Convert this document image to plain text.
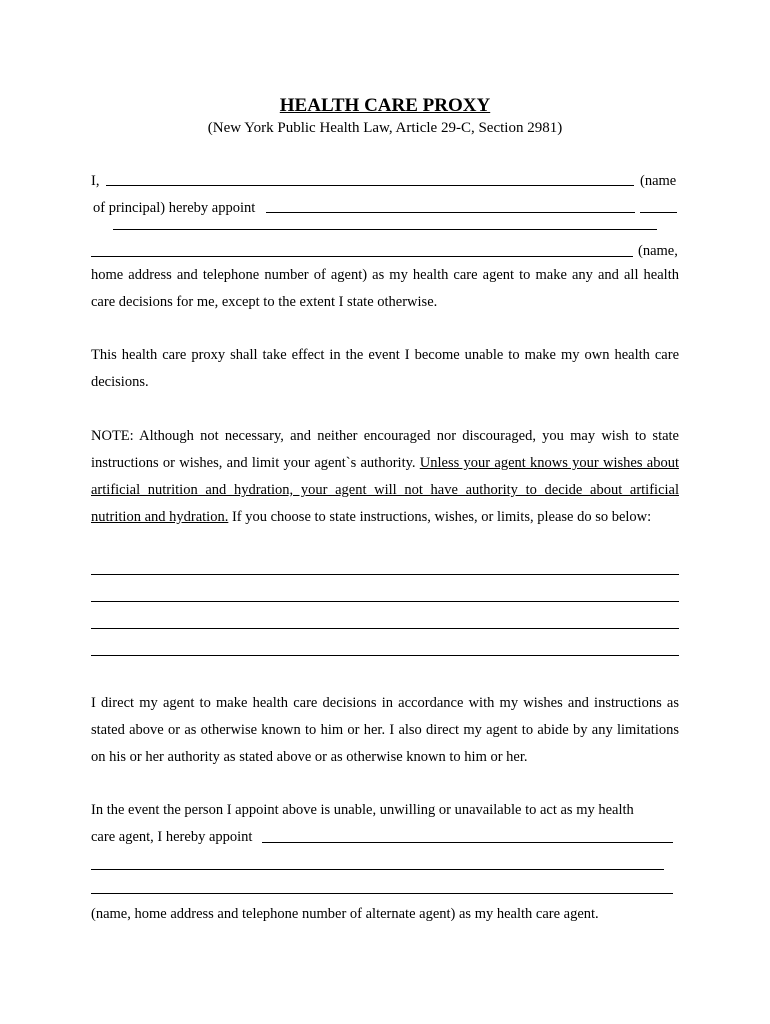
HEALTH CARE PROXY
(New York Public Health Law, Article 29-C, Section 2981)
I,	(name
of principal) hereby appoint
(name,
home address and telephone number of agent) as my health care agent to make any and all health care decisions for me, except to the extent I state otherwise.
This health care proxy shall take effect in the event I become unable to make my own health care decisions.
NOTE: Although not necessary, and neither encouraged nor discouraged, you may wish to state instructions or wishes, and limit your agent`s authority. Unless your agent knows your wishes about artificial nutrition and hydration, your agent will not have authority to decide about artificial nutrition and hydration. If you choose to state instructions, wishes, or limits, please do so below:
I direct my agent to make health care decisions in accordance with my wishes and instructions as stated above or as otherwise known to him or her. I also direct my agent to abide by any limitations on his or her authority as stated above or as otherwise known to him or her.
In the event the person I appoint above is unable, unwilling or unavailable to act as my health
care agent, I hereby appoint
(name, home address and telephone number of alternate agent) as my health care agent.
